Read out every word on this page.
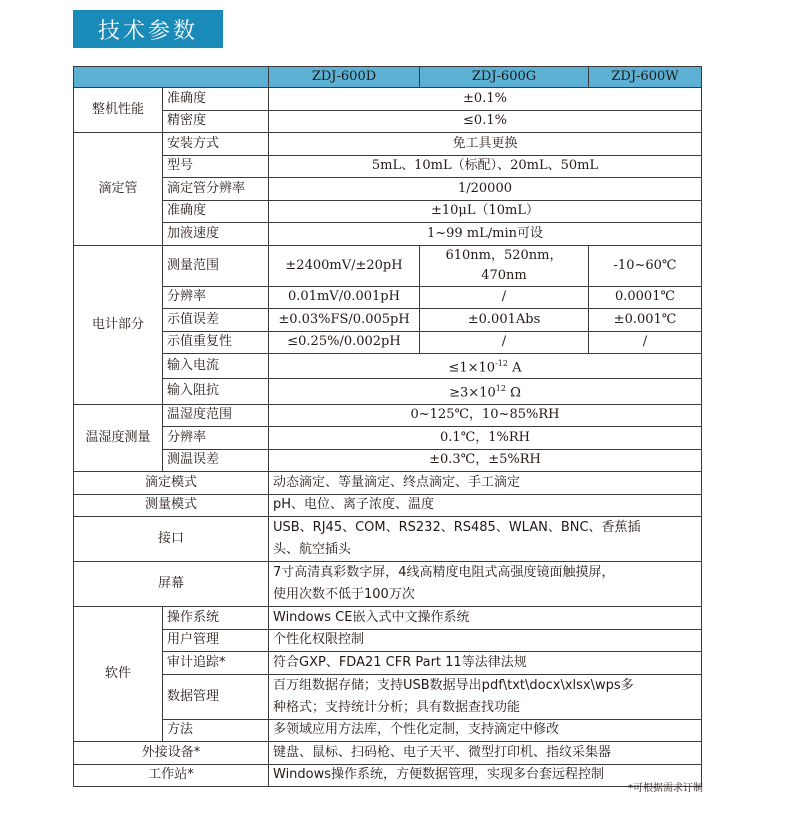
技术参数
		ZDJ-600D	ZDJ-600G	ZDJ-600W
整机性能	准确度	±0.1%		
	精密度	≤0.1%		
滴定管	安装方式	免工具更换		
	型号	5mL、10mL（标配）、20mL、50mL		
	滴定管分辨率	1/20000		
	准确度	±10μL（10mL）		
	加液速度	1~99 mL/min可设		
电计部分	测量范围	±2400mV/±20pH	610nm，520nm，470nm	-10~60℃
	分辨率	0.01mV/0.001pH	/	0.0001℃
	示值误差	±0.03%FS/0.005pH	±0.001Abs	±0.001℃
	示值重复性	≤0.25%/0.002pH	/	/
	输入电流	$\le 1\times 10^{-12}$ A		
	输入阻抗	$\ge 3\times 10^{12}$ Ω		
温湿度测量	温湿度范围	0~125℃，10~85%RH		
	分辨率	0.1℃，1%RH		
	测温误差	±0.3℃，±5%RH		
滴定模式		动态滴定、等量滴定、终点滴定、手工滴定		
测量模式		pH、电位、离子浓度、温度		
接口		USB、RJ45、COM、RS232、RS485、WLAN、BNC、香蕉插
头、航空插头		
屏幕		7寸高清真彩数字屏，4线高精度电阻式高强度镜面触摸屏，
使用次数不低于100万次		
软件	操作系统	Windows CE嵌入式中文操作系统		
	用户管理	个性化权限控制		
	审计追踪*	符合GXP、FDA21 CFR Part 11等法律法规		
	数据管理	百万组数据存储；支持USB数据导出pdf\txt\docx\xlsx\wps多
种格式；支持统计分析；具有数据查找功能		
	方法	多领域应用方法库，个性化定制，支持滴定中修改		
外接设备*		键盘、鼠标、扫码枪、电子天平、微型打印机、指纹采集器		
工作站*		Windows操作系统，方便数据管理，实现多台套远程控制		
*可根据需求订制
